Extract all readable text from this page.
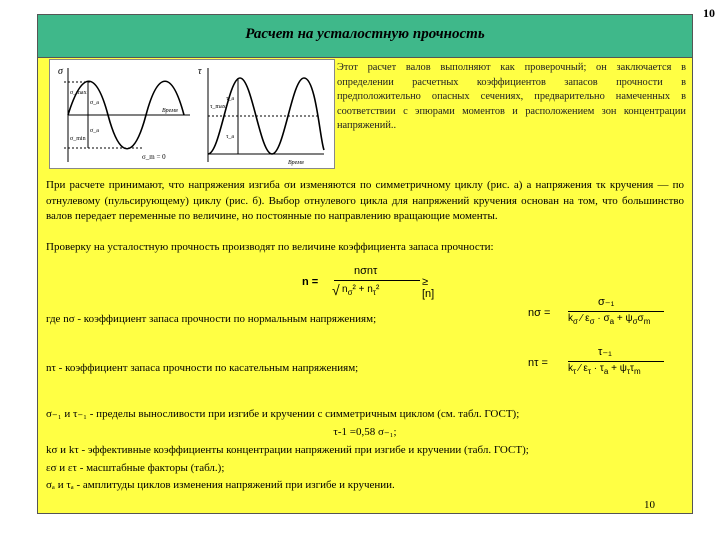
10
Расчет на усталостную прочность
σ
σ_max
σ_a
σ_a
Время
σ_min
σ_m = 0
τ
τ_max
τ_a
τ_a
Время
Этот расчет валов выполняют как проверочный; он заключается в определении расчетных коэффициентов запасов прочности в предположительно опасных сечениях, предварительно намеченных в соответствии с эпюрами моментов и расположением зон концентрации напряжений..
При расчете принимают, что напряжения изгиба σи изменяются по симметричному циклу (рис. а) а напряжения τк кручения — по отнулевому (пульсирующему) циклу (рис. б). Выбор отнулевого цикла для напряжений кручения основан на том, что большинство валов передает переменные по величине, но постоянные по направлению вращающие моменты.
Проверку на усталостную прочность производят по величине коэффициента запаса прочности:
n =
nσnτ
√ $n_\sigma^2 + n_\tau^2$
≥ [n]
где nσ - коэффициент запаса прочности по нормальным напряжениям;	nσ =
σ₋₁
$k_\sigma$ ⁄ $\varepsilon_\sigma \cdot \sigma_a + \psi_\sigma\sigma_m$
nτ - коэффициент запаса прочности по касательным напряжениям;	nτ =
τ₋₁
$k_\tau$ ⁄ $\varepsilon_\tau \cdot \tau_a + \psi_\tau\tau_m$
σ₋₁ и τ₋₁ - пределы выносливости при изгибе и кручении с симметричным циклом (см. табл. ГОСТ);
τ-1 =0,58 σ₋₁;
kσ и kτ - эффективные коэффициенты концентрации напряжений при изгибе и кручении (табл. ГОСТ);
εσ и ετ - масштабные факторы (табл.);
σₐ и τₐ - амплитуды циклов изменения напряжений при изгибе и кручении.
10
